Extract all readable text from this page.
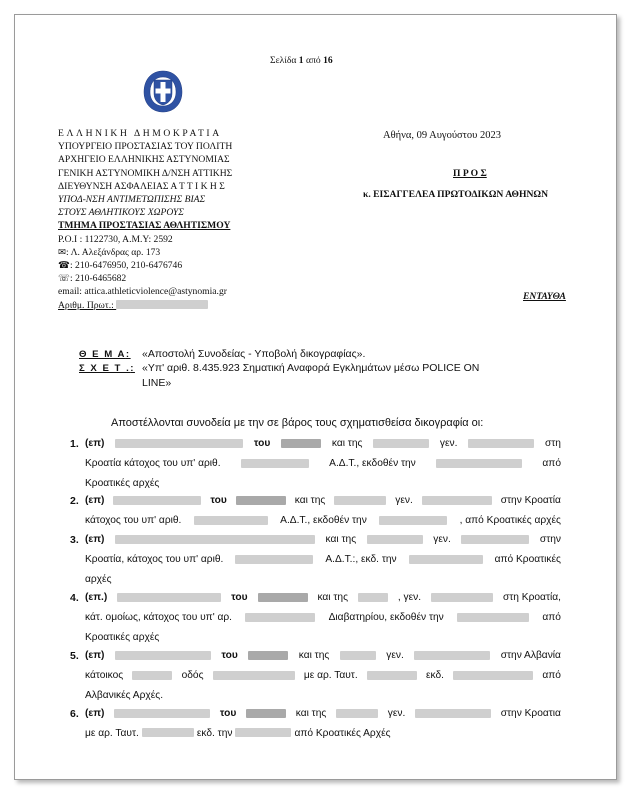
Σελίδα 1 από 16
ΕΛΛΗΝΙΚΗ ΔΗΜΟΚΡΑΤΙΑ
ΥΠΟΥΡΓΕΙΟ ΠΡΟΣΤΑΣΙΑΣ ΤΟΥ ΠΟΛΙΤΗ
ΑΡΧΗΓΕΙΟ ΕΛΛΗΝΙΚΗΣ ΑΣΤΥΝΟΜΙΑΣ
ΓΕΝΙΚΗ ΑΣΤΥΝΟΜΙΚΗ Δ/ΝΣΗ ΑΤΤΙΚΗΣ
ΔΙΕΥΘΥΝΣΗ ΑΣΦΑΛΕΙΑΣ Α Τ Τ Ι Κ Η Σ
ΥΠΟΔ-ΝΣΗ ΑΝΤΙΜΕΤΩΠΙΣΗΣ ΒΙΑΣ
ΣΤΟΥΣ ΑΘΛΗΤΙΚΟΥΣ ΧΩΡΟΥΣ
ΤΜΗΜΑ ΠΡΟΣΤΑΣΙΑΣ ΑΘΛΗΤΙΣΜΟΥ
P.O.Ι : 1122730, Α.Μ.Υ: 2592
✉: Λ. Αλεξάνδρας αρ. 173
☎: 210-6476950, 210-6476746
☏: 210-6465682
email: attica.athleticviolence@astynomia.gr
Αριθμ. Πρωτ.:
Αθήνα, 09 Αυγούστου 2023
Π Ρ Ο Σ
κ. ΕΙΣΑΓΓΕΛΕΑ ΠΡΩΤΟΔΙΚΩΝ ΑΘΗΝΩΝ
ΕΝΤΑΥΘΑ
Θ Ε Μ Α: «Αποστολή Συνοδείας - Υποβολή δικογραφίας».
Σ Χ Ε Τ .: «Υπ' αριθ. 8.435.923 Σηματική Αναφορά Εγκλημάτων μέσω POLICE ON
LINE»
Αποστέλλονται συνοδεία με την σε βάρος τους σχηματισθείσα δικογραφία οι:
1. (επ)	του	και της	γεν.	στη
Κροατία κάτοχος του υπ' αριθ.	Α.Δ.Τ., εκδοθέν την	από
Κροατικές αρχές
2. (επ)	του	και της	γεν.	στην Κροατία
κάτοχος του υπ' αριθ.	Α.Δ.Τ., εκδοθέν την	, από Κροατικές αρχές
3. (επ)	και της	γεν.	στην
Κροατία, κάτοχος του υπ' αριθ.	Α.Δ.Τ.:, εκδ. την	από Κροατικές
αρχές
4. (επ.)	του	και της	, γεν.	στη Κροατία,
κάτ. ομοίως, κάτοχος του υπ' αρ.	Διαβατηρίου, εκδοθέν την	από
Κροατικές αρχές
5. (επ)	του	και της	γεν.	στην Αλβανία
κάτοικος	οδός	με αρ. Ταυτ.	εκδ.	από
Αλβανικές Αρχές.
6. (επ)	του	και της	γεν.	στην Κροατια
με αρ. Ταυτ.	εκδ. την	από Κροατικές Αρχές
